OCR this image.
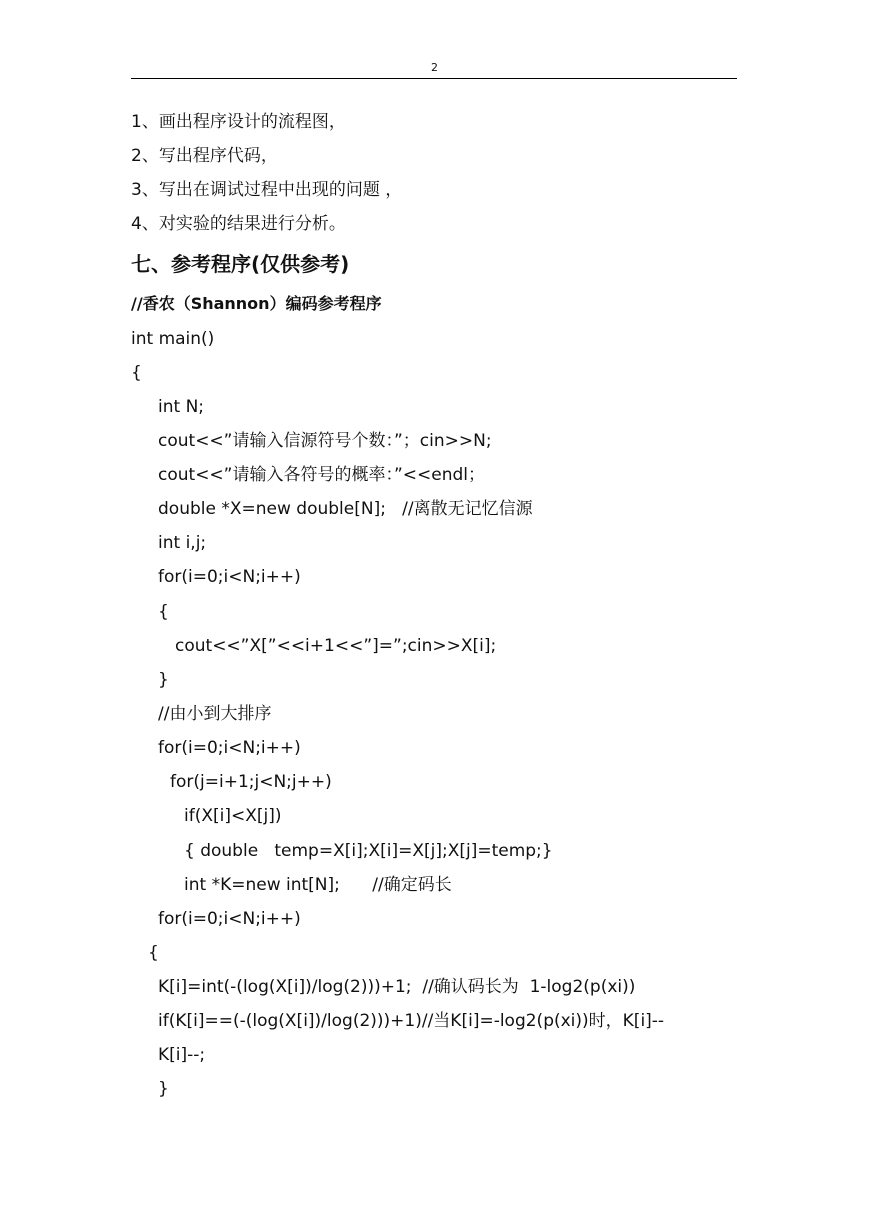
2
1、画出程序设计的流程图，
2、写出程序代码，
3、写出在调试过程中出现的问题 ，
4、对实验的结果进行分析。
七、参考程序(仅供参考)
//香农（Shannon）编码参考程序
int main()
{
int N;
cout<<”请输入信源符号个数：”；cin>>N;
cout<<”请输入各符号的概率：”<<endl；
double *X=new double[N];   //离散无记忆信源
int i,j;
for(i=0;i<N;i++)
{
cout<<”X[”<<i+1<<”]=”;cin>>X[i];
}
//由小到大排序
for(i=0;i<N;i++)
for(j=i+1;j<N;j++)
if(X[i]<X[j])
{ double   temp=X[i];X[i]=X[j];X[j]=temp;}
int *K=new int[N];      //确定码长
for(i=0;i<N;i++)
{
K[i]=int(-(log(X[i])/log(2)))+1;  //确认码长为  1-log2(p(xi))
if(K[i]==(-(log(X[i])/log(2)))+1)//当K[i]=-log2(p(xi))时，K[i]--
K[i]--;
}
